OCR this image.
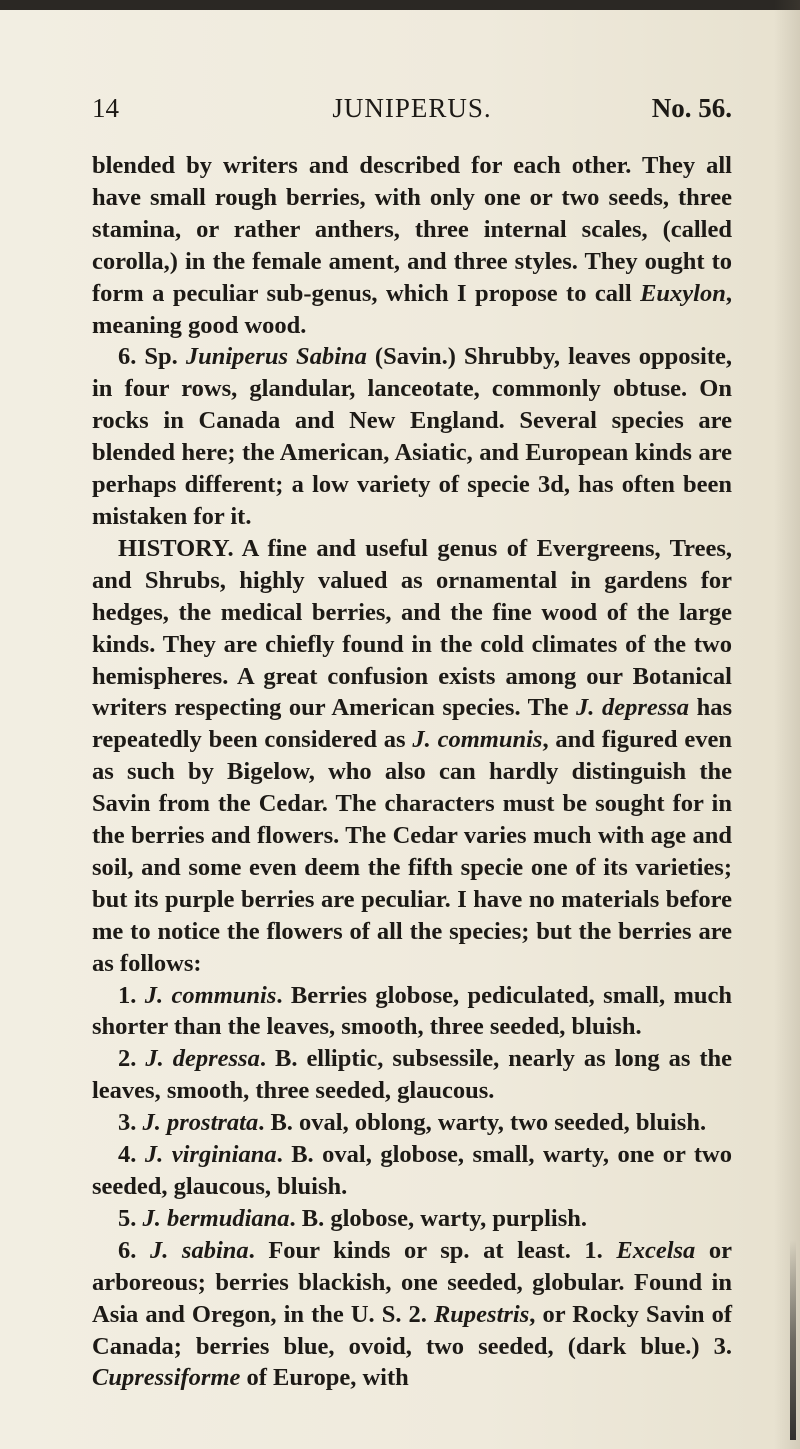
14	JUNIPERUS.	No. 56.

blended by writers and described for each other. They all have small rough berries, with only one or two seeds, three stamina, or rather anthers, three internal scales, (called corolla,) in the female ament, and three styles. They ought to form a peculiar sub-genus, which I propose to call Euxylon, meaning good wood.

6. Sp. Juniperus Sabina (Savin.) Shrubby, leaves opposite, in four rows, glandular, lanceotate, commonly obtuse. On rocks in Canada and New England. Several species are blended here; the American, Asiatic, and European kinds are perhaps different; a low variety of specie 3d, has often been mistaken for it.

HISTORY. A fine and useful genus of Evergreens, Trees, and Shrubs, highly valued as ornamental in gardens for hedges, the medical berries, and the fine wood of the large kinds. They are chiefly found in the cold climates of the two hemispheres. A great confusion exists among our Botanical writers respecting our American species. The J. depressa has repeatedly been considered as J. communis, and figured even as such by Bigelow, who also can hardly distinguish the Savin from the Cedar. The characters must be sought for in the berries and flowers. The Cedar varies much with age and soil, and some even deem the fifth specie one of its varieties; but its purple berries are peculiar. I have no materials before me to notice the flowers of all the species; but the berries are as follows:

1. J. communis. Berries globose, pediculated, small, much shorter than the leaves, smooth, three seeded, bluish.

2. J. depressa. B. elliptic, subsessile, nearly as long as the leaves, smooth, three seeded, glaucous.

3. J. prostrata. B. oval, oblong, warty, two seeded, bluish.

4. J. virginiana. B. oval, globose, small, warty, one or two seeded, glaucous, bluish.

5. J. bermudiana. B. globose, warty, purplish.

6. J. sabina. Four kinds or sp. at least. 1. Excelsa or arboreous; berries blackish, one seeded, globular. Found in Asia and Oregon, in the U. S. 2. Rupestris, or Rocky Savin of Canada; berries blue, ovoid, two seeded, (dark blue.) 3. Cupressiforme of Europe, with
